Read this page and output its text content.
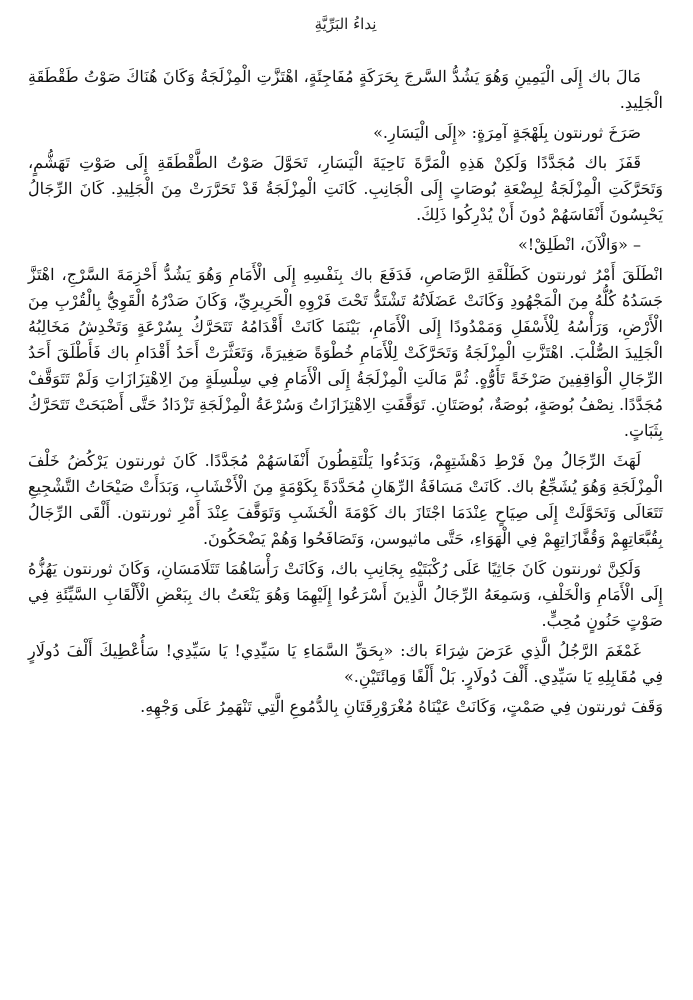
نِداءُ البَرِّيَّةِ

مَالَ باك إِلَى الْيَمِينِ وَهُوَ يَشُدُّ السَّرجَ بِحَرَكَةٍ مُفَاجِئَةٍ، اهْتَزَّتِ الْمِزْلَجَةُ وَكَانَ هُنَاكَ صَوْتُ طَقْطَقَةِ الْجَلِيدِ.

صَرَخَ ثورنتون بِلَهْجَةٍ آمِرَةٍ: «إِلَى الْيَسَارِ.»

قَفَزَ باك مُجَدَّدًا وَلَكِنْ هَذِهِ الْمَرَّةَ نَاحِيَةَ الْيَسَارِ، تَحَوَّلَ صَوْتُ الطَّقْطَقَةِ إِلَى صَوْتِ تَهَشُّمٍ، وَتَحَرَّكَتِ الْمِزْلَجَةُ لِبِضْعَةِ بُوصَاتٍ إِلَى الْجَانِبِ. كَانَتِ الْمِزْلَجَةُ قَدْ تَحَرَّرَتْ مِنَ الْجَلِيدِ. كَانَ الرِّجَالُ يَحْبِسُونَ أَنْفَاسَهُمْ دُونَ أَنْ يُدْرِكُوا ذَلِكَ.

– «وَالْآنَ، انْطَلِقْ!»

انْطَلَقَ أَمْرُ ثورنتون كَطَلْقَةِ الرَّصَاصِ، فَدَفَعَ باك بِنَفْسِهِ إِلَى الْأَمَامِ وَهُوَ يَشُدُّ أَحْزِمَةَ السَّرْجِ، اهْتَزَّ جَسَدُهُ كُلُّهُ مِنَ الْمَجْهُودِ وَكَانَتْ عَضَلَاتُهُ تَشْتَدُّ تَحْتَ فَرْوِهِ الْحَرِيرِيِّ، وَكَانَ صَدْرُهُ الْقَوِيُّ بِالْقُرْبِ مِنَ الْأَرْضِ، وَرَأْسُهُ لِلْأَسْفَلِ وَمَمْدُودًا إِلَى الْأَمَامِ، بَيْنَمَا كَانَتْ أَقْدَامُهُ تَتَحَرَّكُ بِسُرْعَةٍ وَتَخْدِشُ مَخَالِبُهُ الْجَلِيدَ الصُّلْبَ. اهْتَزَّتِ الْمِزْلَجَةُ وَتَحَرَّكَتْ لِلْأَمَامِ خُطْوَةً صَغِيرَةً، وَتَعَثَّرَتْ أَحَدُ أَقْدَامِ باك فَأَطْلَقَ أَحَدُ الرِّجَالِ الْوَاقِفِينَ صَرْخَةً تَأَوُّهٍ. ثُمَّ مَالَتِ الْمِزْلَجَةُ إِلَى الْأَمَامِ فِي سِلْسِلَةٍ مِنَ الِاهْتِزَازَاتِ وَلَمْ تَتَوَقَّفْ مُجَدَّدًا. نِصْفُ بُوصَةٍ، بُوصَةٌ، بُوصَتَانِ. تَوَقَّفَتِ الِاهْتِزَازَاتُ وَسُرْعَةُ الْمِزْلَجَةِ تَزْدَادُ حَتَّى أَصْبَحَتْ تَتَحَرَّكُ بِثَبَاتٍ.

لَهَثَ الرِّجَالُ مِنْ فَرْطِ دَهْشَتِهِمْ، وَبَدَءُوا يَلْتَقِطُونَ أَنْفَاسَهُمْ مُجَدَّدًا. كَانَ ثورنتون يَرْكُضُ خَلْفَ الْمِزْلَجَةِ وَهُوَ يُشَجِّعُ باك. كَانَتْ مَسَافَةُ الرِّهَانِ مُحَدَّدَةً بِكَوْمَةٍ مِنَ الْأَخْشَابِ، وَبَدَأَتْ صَيْحَاتُ التَّشْجِيعِ تَتَعَالَى وَتَحَوَّلَتْ إِلَى صِيَاحٍ عِنْدَمَا اجْتَازَ باك كَوْمَةَ الْخَشَبِ وَتَوَقَّفَ عِنْدَ أَمْرِ ثورنتون. أَلْقَى الرِّجَالُ بِقُبَّعَاتِهِمْ وَقُفَّازَاتِهِمْ فِي الْهَوَاءِ، حَتَّى ماثيوسن، وَتَصَافَحُوا وَهُمْ يَضْحَكُونَ.

وَلَكِنَّ ثورنتون كَانَ جَاثِيًا عَلَى رُكْبَتَيْهِ بِجَانِبِ باك، وَكَانَتْ رَأْسَاهُمَا تَتَلَامَسَانِ، وَكَانَ ثورنتون يَهُزُّهُ إِلَى الْأَمَامِ وَالْخَلْفِ، وَسَمِعَهُ الرِّجَالُ الَّذِينَ أَسْرَعُوا إِلَيْهِمَا وَهُوَ يَنْعَتُ باك بِبَعْضِ الْأَلْقَابِ السَّيِّئَةِ فِي صَوْتٍ حَنُونٍ مُحِبٍّ.

غَمْغَمَ الرَّجُلُ الَّذِي عَرَضَ شِرَاءَ باك: «بِحَقِّ السَّمَاءِ يَا سَيِّدِي! يَا سَيِّدِي! سَأُعْطِيكَ أَلْفَ دُولَارٍ فِي مُقَابِلِهِ يَا سَيِّدِي. أَلْفَ دُولَارٍ. بَلْ أَلْفًا وَمِائَتَيْنِ.»

وَقَفَ ثورنتون فِي صَمْتٍ، وَكَانَتْ عَيْنَاهُ مُغْرَوْرِقَتَانِ بِالدُّمُوعِ الَّتِي تَنْهَمِرُ عَلَى وَجْهِهِ.
